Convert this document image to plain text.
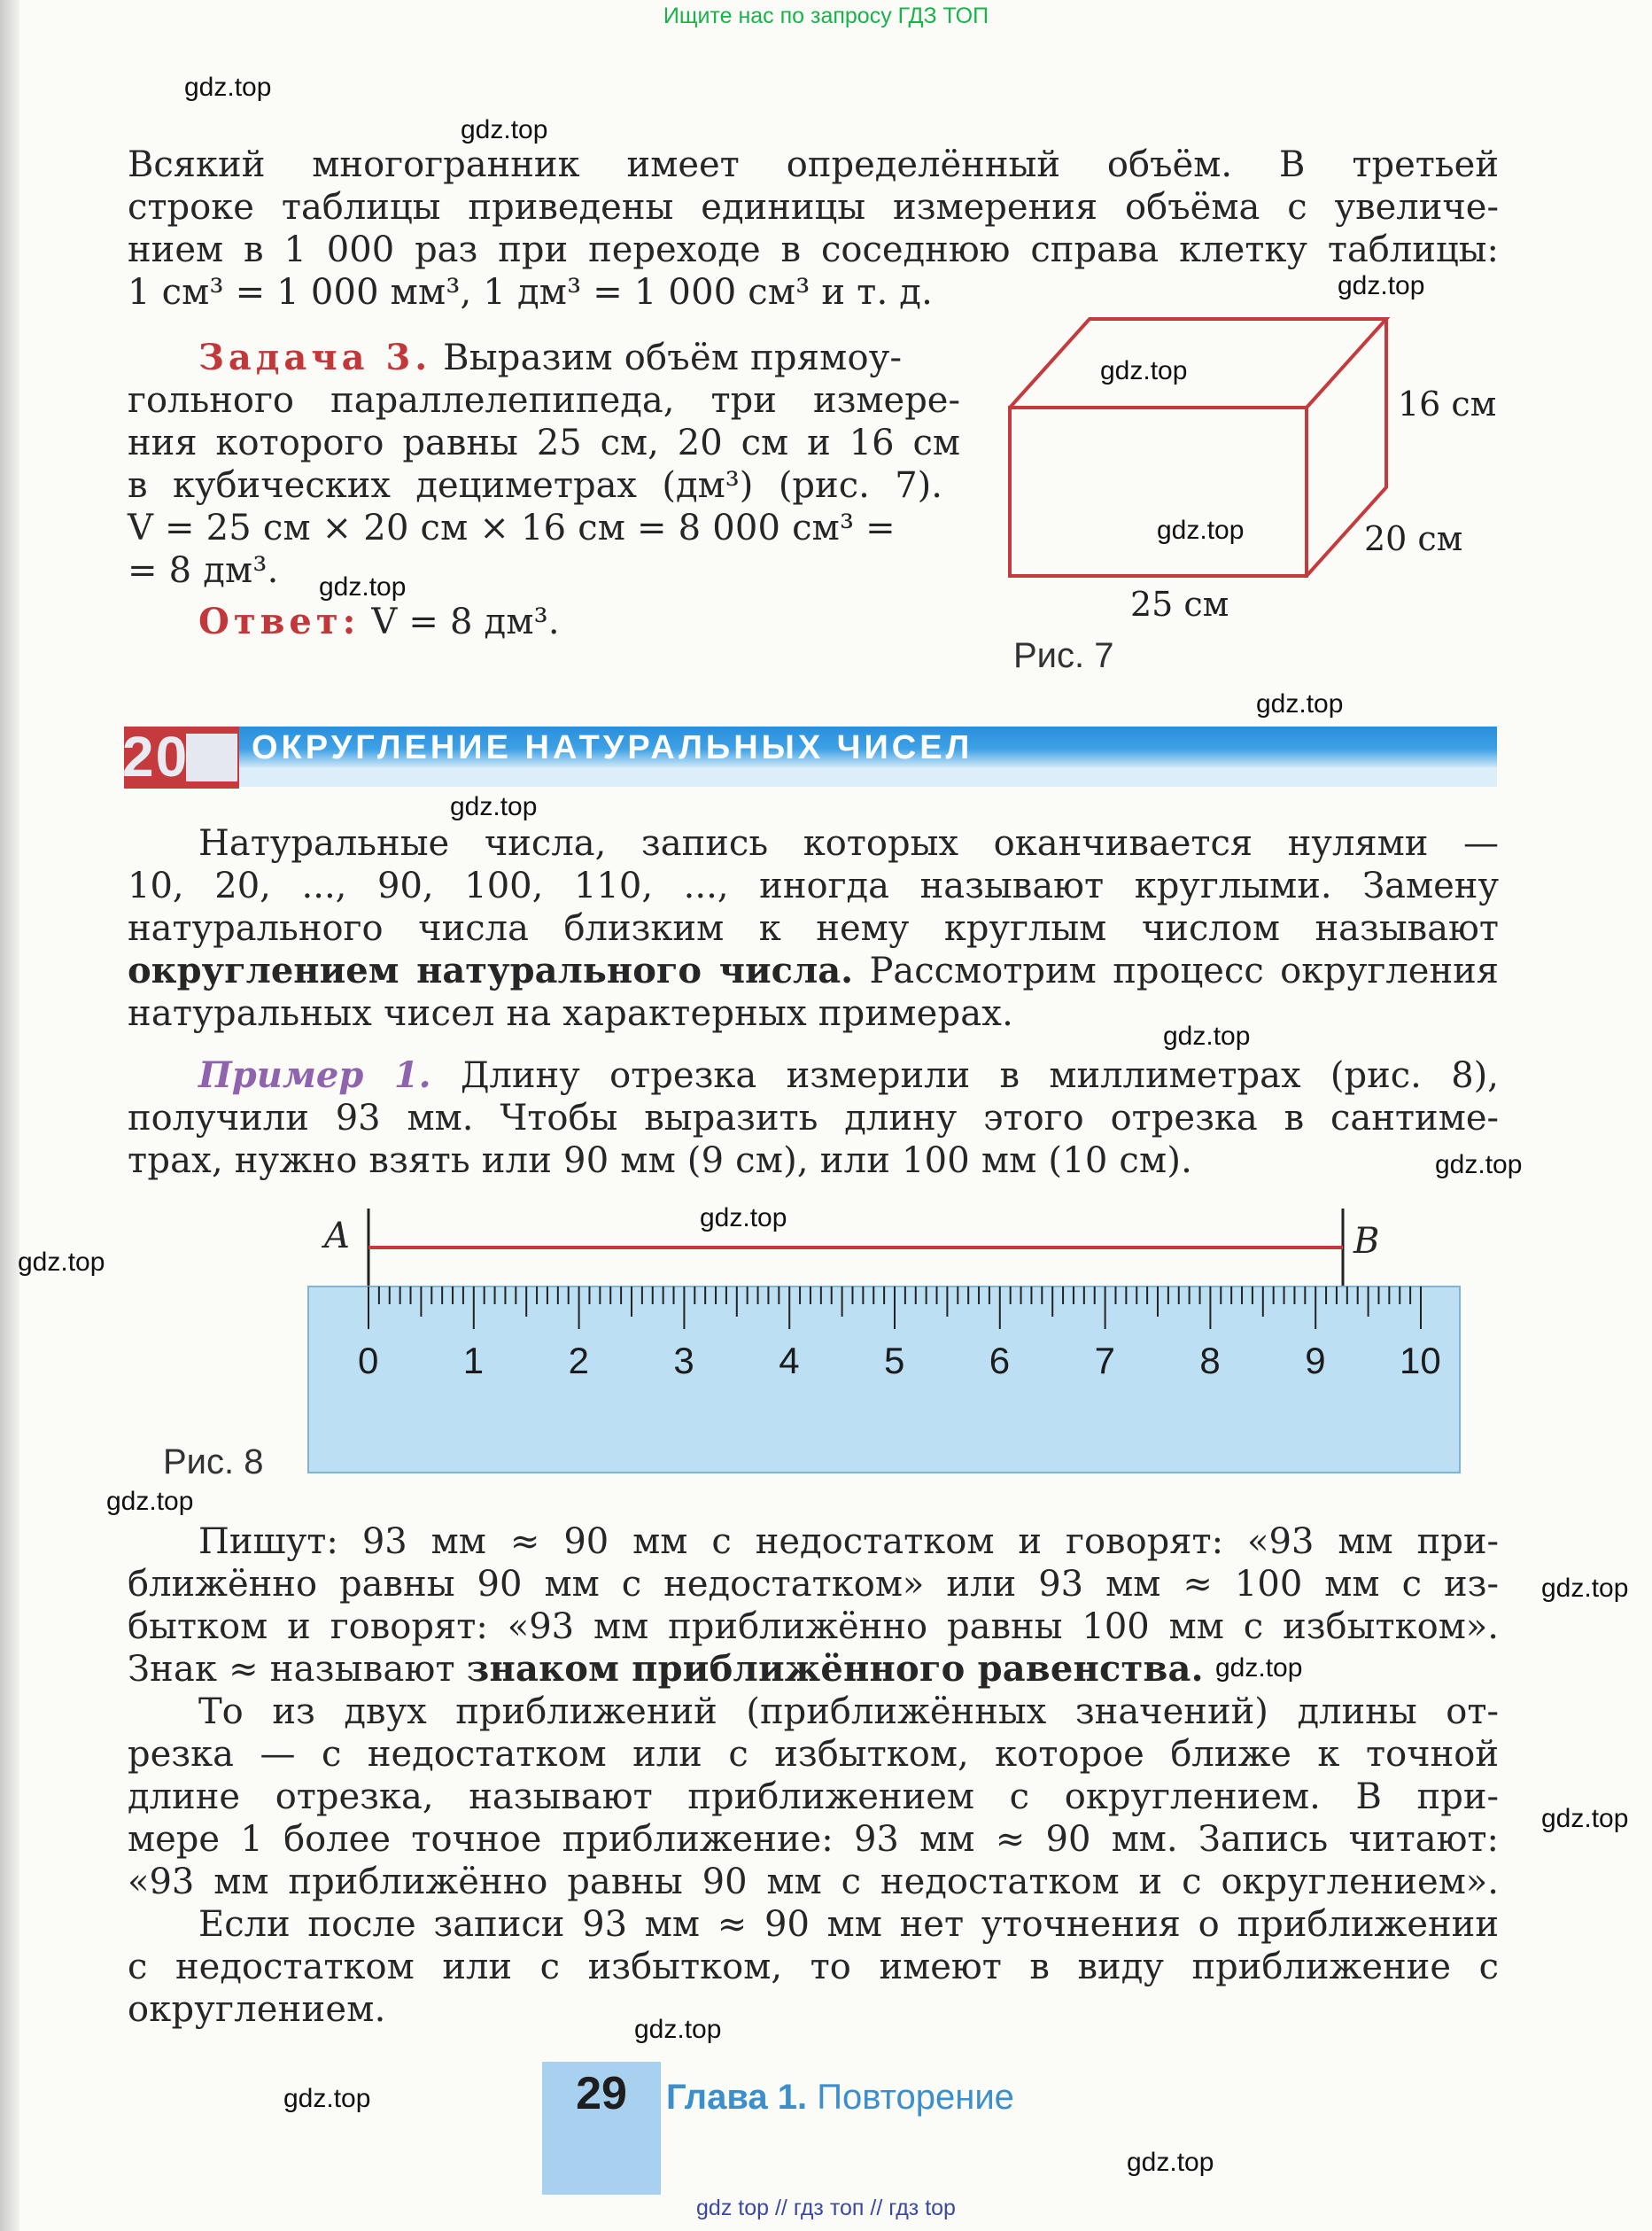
Ищите нас по запросу ГДЗ ТОП
gdz.top
gdz.top
gdz.top
gdz.top
gdz.top
gdz.top
gdz.top
gdz.top
gdz.top
gdz.top
gdz.top
gdz.top
gdz.top
gdz.top
gdz.top
gdz.top
gdz.top
gdz.top
gdz.top
Всякий многогранник имеет определённый объём. В третьей
строке таблицы приведены единицы измерения объёма с увеличе-
нием в 1 000 раз при переходе в соседнюю справа клетку таблицы:
1 см³ = 1 000 мм³, 1 дм³ = 1 000 см³ и т. д.
Задача 3. Выразим объём прямоу-
гольного параллелепипеда, три измере-
ния которого равны 25 см, 20 см и 16 см
в кубических дециметрах (дм³) (рис. 7).
V = 25 см × 20 см × 16 см = 8 000 см³ =
= 8 дм³.
Ответ: V = 8 дм³.
16 см
20 см
25 см
Рис. 7
20	ОКРУГЛЕНИЕ НАТУРАЛЬНЫХ ЧИСЕЛ
Натуральные числа, запись которых оканчивается нулями —
10, 20, ..., 90, 100, 110, ..., иногда называют круглыми. Замену
натурального числа близким к нему круглым числом называют
округлением натурального числа. Рассмотрим процесс округления
натуральных чисел на характерных примерах.
Пример 1. Длину отрезка измерили в миллиметрах (рис. 8),
получили 93 мм. Чтобы выразить длину этого отрезка в сантиме-
трах, нужно взять или 90 мм (9 см), или 100 мм (10 см).
A	B
0 1 2 3 4 5 6 7 8 9 10
Рис. 8
Пишут: 93 мм ≈ 90 мм с недостатком и говорят: «93 мм при-
ближённо равны 90 мм с недостатком» или 93 мм ≈ 100 мм с из-
бытком и говорят: «93 мм приближённо равны 100 мм с избытком».
Знак ≈ называют знаком приближённого равенства.
То из двух приближений (приближённых значений) длины от-
резка — с недостатком или с избытком, которое ближе к точной
длине отрезка, называют приближением с округлением. В при-
мере 1 более точное приближение: 93 мм ≈ 90 мм. Запись читают:
«93 мм приближённо равны 90 мм с недостатком и с округлением».
Если после записи 93 мм ≈ 90 мм нет уточнения о приближении
с недостатком или с избытком, то имеют в виду приближение с
округлением.
29	Глава 1. Повторение
gdz top // гдз топ // гдз top
